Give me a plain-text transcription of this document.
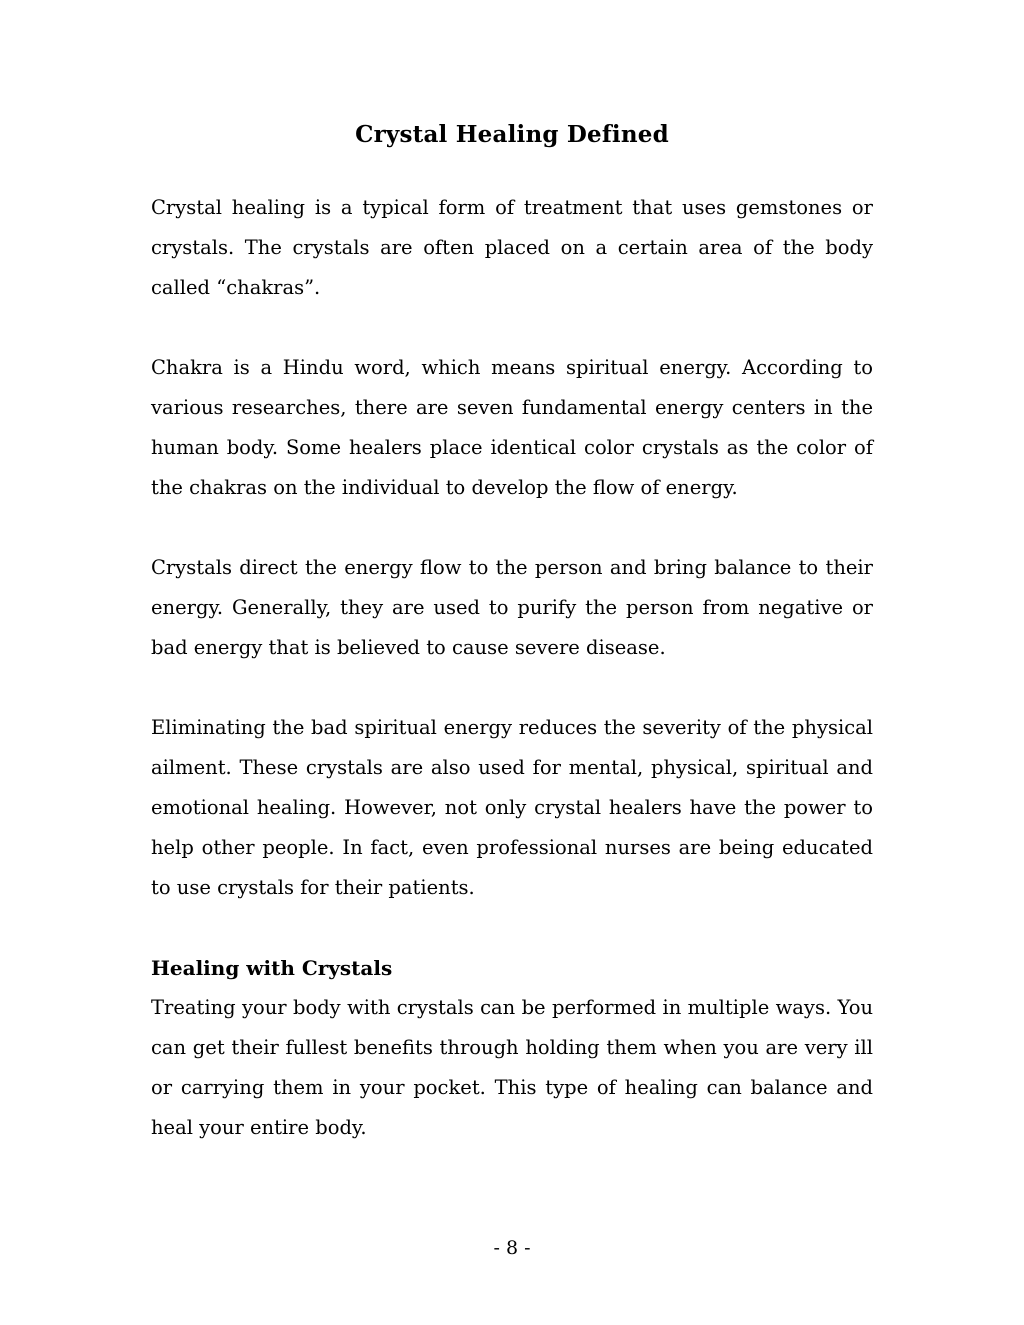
Crystal Healing Defined

Crystal healing is a typical form of treatment that uses gemstones or crystals. The crystals are often placed on a certain area of the body called “chakras”.

Chakra is a Hindu word, which means spiritual energy. According to various researches, there are seven fundamental energy centers in the human body. Some healers place identical color crystals as the color of the chakras on the individual to develop the flow of energy.

Crystals direct the energy flow to the person and bring balance to their energy. Generally, they are used to purify the person from negative or bad energy that is believed to cause severe disease.

Eliminating the bad spiritual energy reduces the severity of the physical ailment. These crystals are also used for mental, physical, spiritual and emotional healing. However, not only crystal healers have the power to help other people. In fact, even professional nurses are being educated to use crystals for their patients.

Healing with Crystals

Treating your body with crystals can be performed in multiple ways. You can get their fullest benefits through holding them when you are very ill or carrying them in your pocket. This type of healing can balance and heal your entire body.

- 8 -
